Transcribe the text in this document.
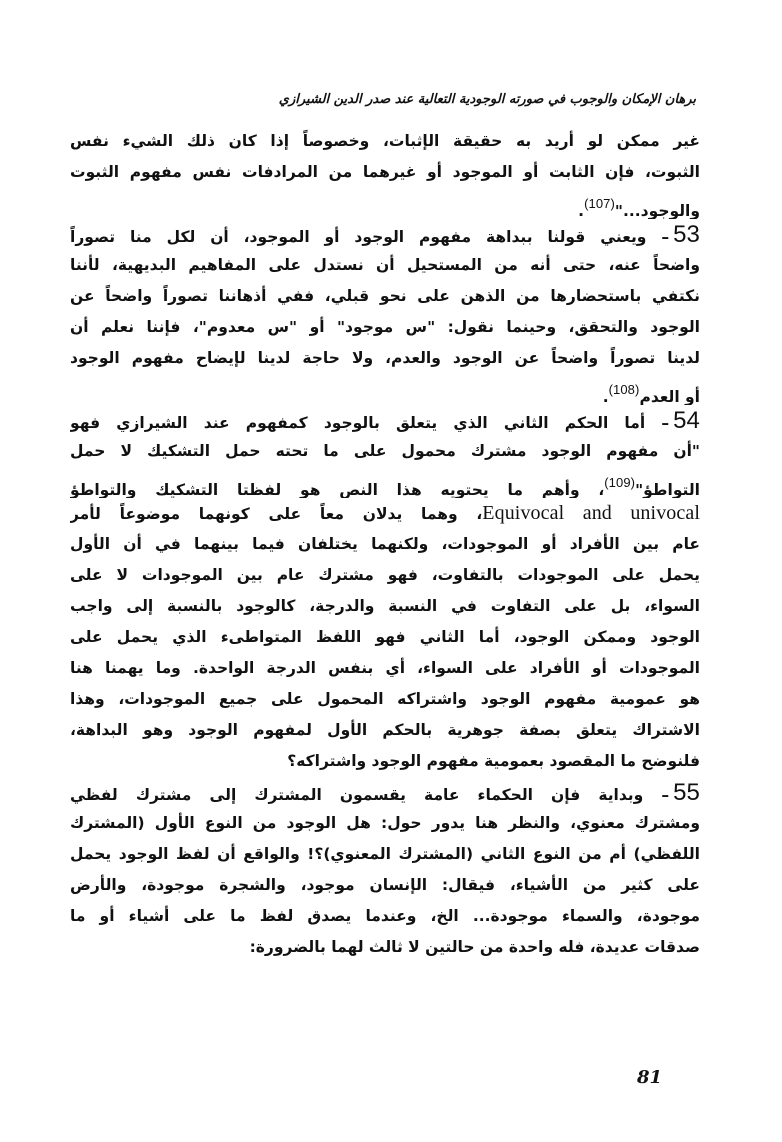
برهان الإمكان والوجوب في صورته الوجودية التعالية عند صدر الدين الشيرازي
غير ممكن لو أريد به حقيقة الإثبات، وخصوصاً إذا كان ذلك الشيء نفس
الثبوت، فإن الثابت أو الموجود أو غيرهما من المرادفات نفس مفهوم الثبوت
والوجود..."(107).
53– ويعني قولنا ببداهة مفهوم الوجود أو الموجود، أن لكل منا تصوراً
واضحاً عنه، حتى أنه من المستحيل أن نستدل على المفاهيم البديهية، لأننا
نكتفي باستحضارها من الذهن على نحو قبلي، ففي أذهاننا تصوراً واضحاً عن
الوجود والتحقق، وحينما نقول: "س موجود" أو "س معدوم"، فإننا نعلم أن
لدينا تصوراً واضحاً عن الوجود والعدم، ولا حاجة لدينا لإيضاح مفهوم الوجود
أو العدم(108).
54– أما الحكم الثاني الذي يتعلق بالوجود كمفهوم عند الشيرازي فهو
"أن مفهوم الوجود مشترك محمول على ما تحته حمل التشكيك لا حمل
التواطؤ"(109)، وأهم ما يحتويه هذا النص هو لفظتا التشكيك والتواطؤ
Equivocal and univocal، وهما يدلان معاً على كونهما موضوعاً لأمر
عام بين الأفراد أو الموجودات، ولكنهما يختلفان فيما بينهما في أن الأول
يحمل على الموجودات بالتفاوت، فهو مشترك عام بين الموجودات لا على
السواء، بل على التفاوت في النسبة والدرجة، كالوجود بالنسبة إلى واجب
الوجود وممكن الوجود، أما الثاني فهو اللفظ المتواطىء الذي يحمل على
الموجودات أو الأفراد على السواء، أي بنفس الدرجة الواحدة. وما يهمنا هنا
هو عمومية مفهوم الوجود واشتراكه المحمول على جميع الموجودات، وهذا
الاشتراك يتعلق بصفة جوهرية بالحكم الأول لمفهوم الوجود وهو البداهة،
فلنوضح ما المقصود بعمومية مفهوم الوجود واشتراكه؟
55– وبداية فإن الحكماء عامة يقسمون المشترك إلى مشترك لفظي
ومشترك معنوي، والنظر هنا يدور حول: هل الوجود من النوع الأول (المشترك
اللفظي) أم من النوع الثاني (المشترك المعنوي)؟! والواقع أن لفظ الوجود يحمل
على كثير من الأشياء، فيقال: الإنسان موجود، والشجرة موجودة، والأرض
موجودة، والسماء موجودة... الخ، وعندما يصدق لفظ ما على أشياء أو ما
صدقات عديدة، فله واحدة من حالتين لا ثالث لهما بالضرورة:
81
